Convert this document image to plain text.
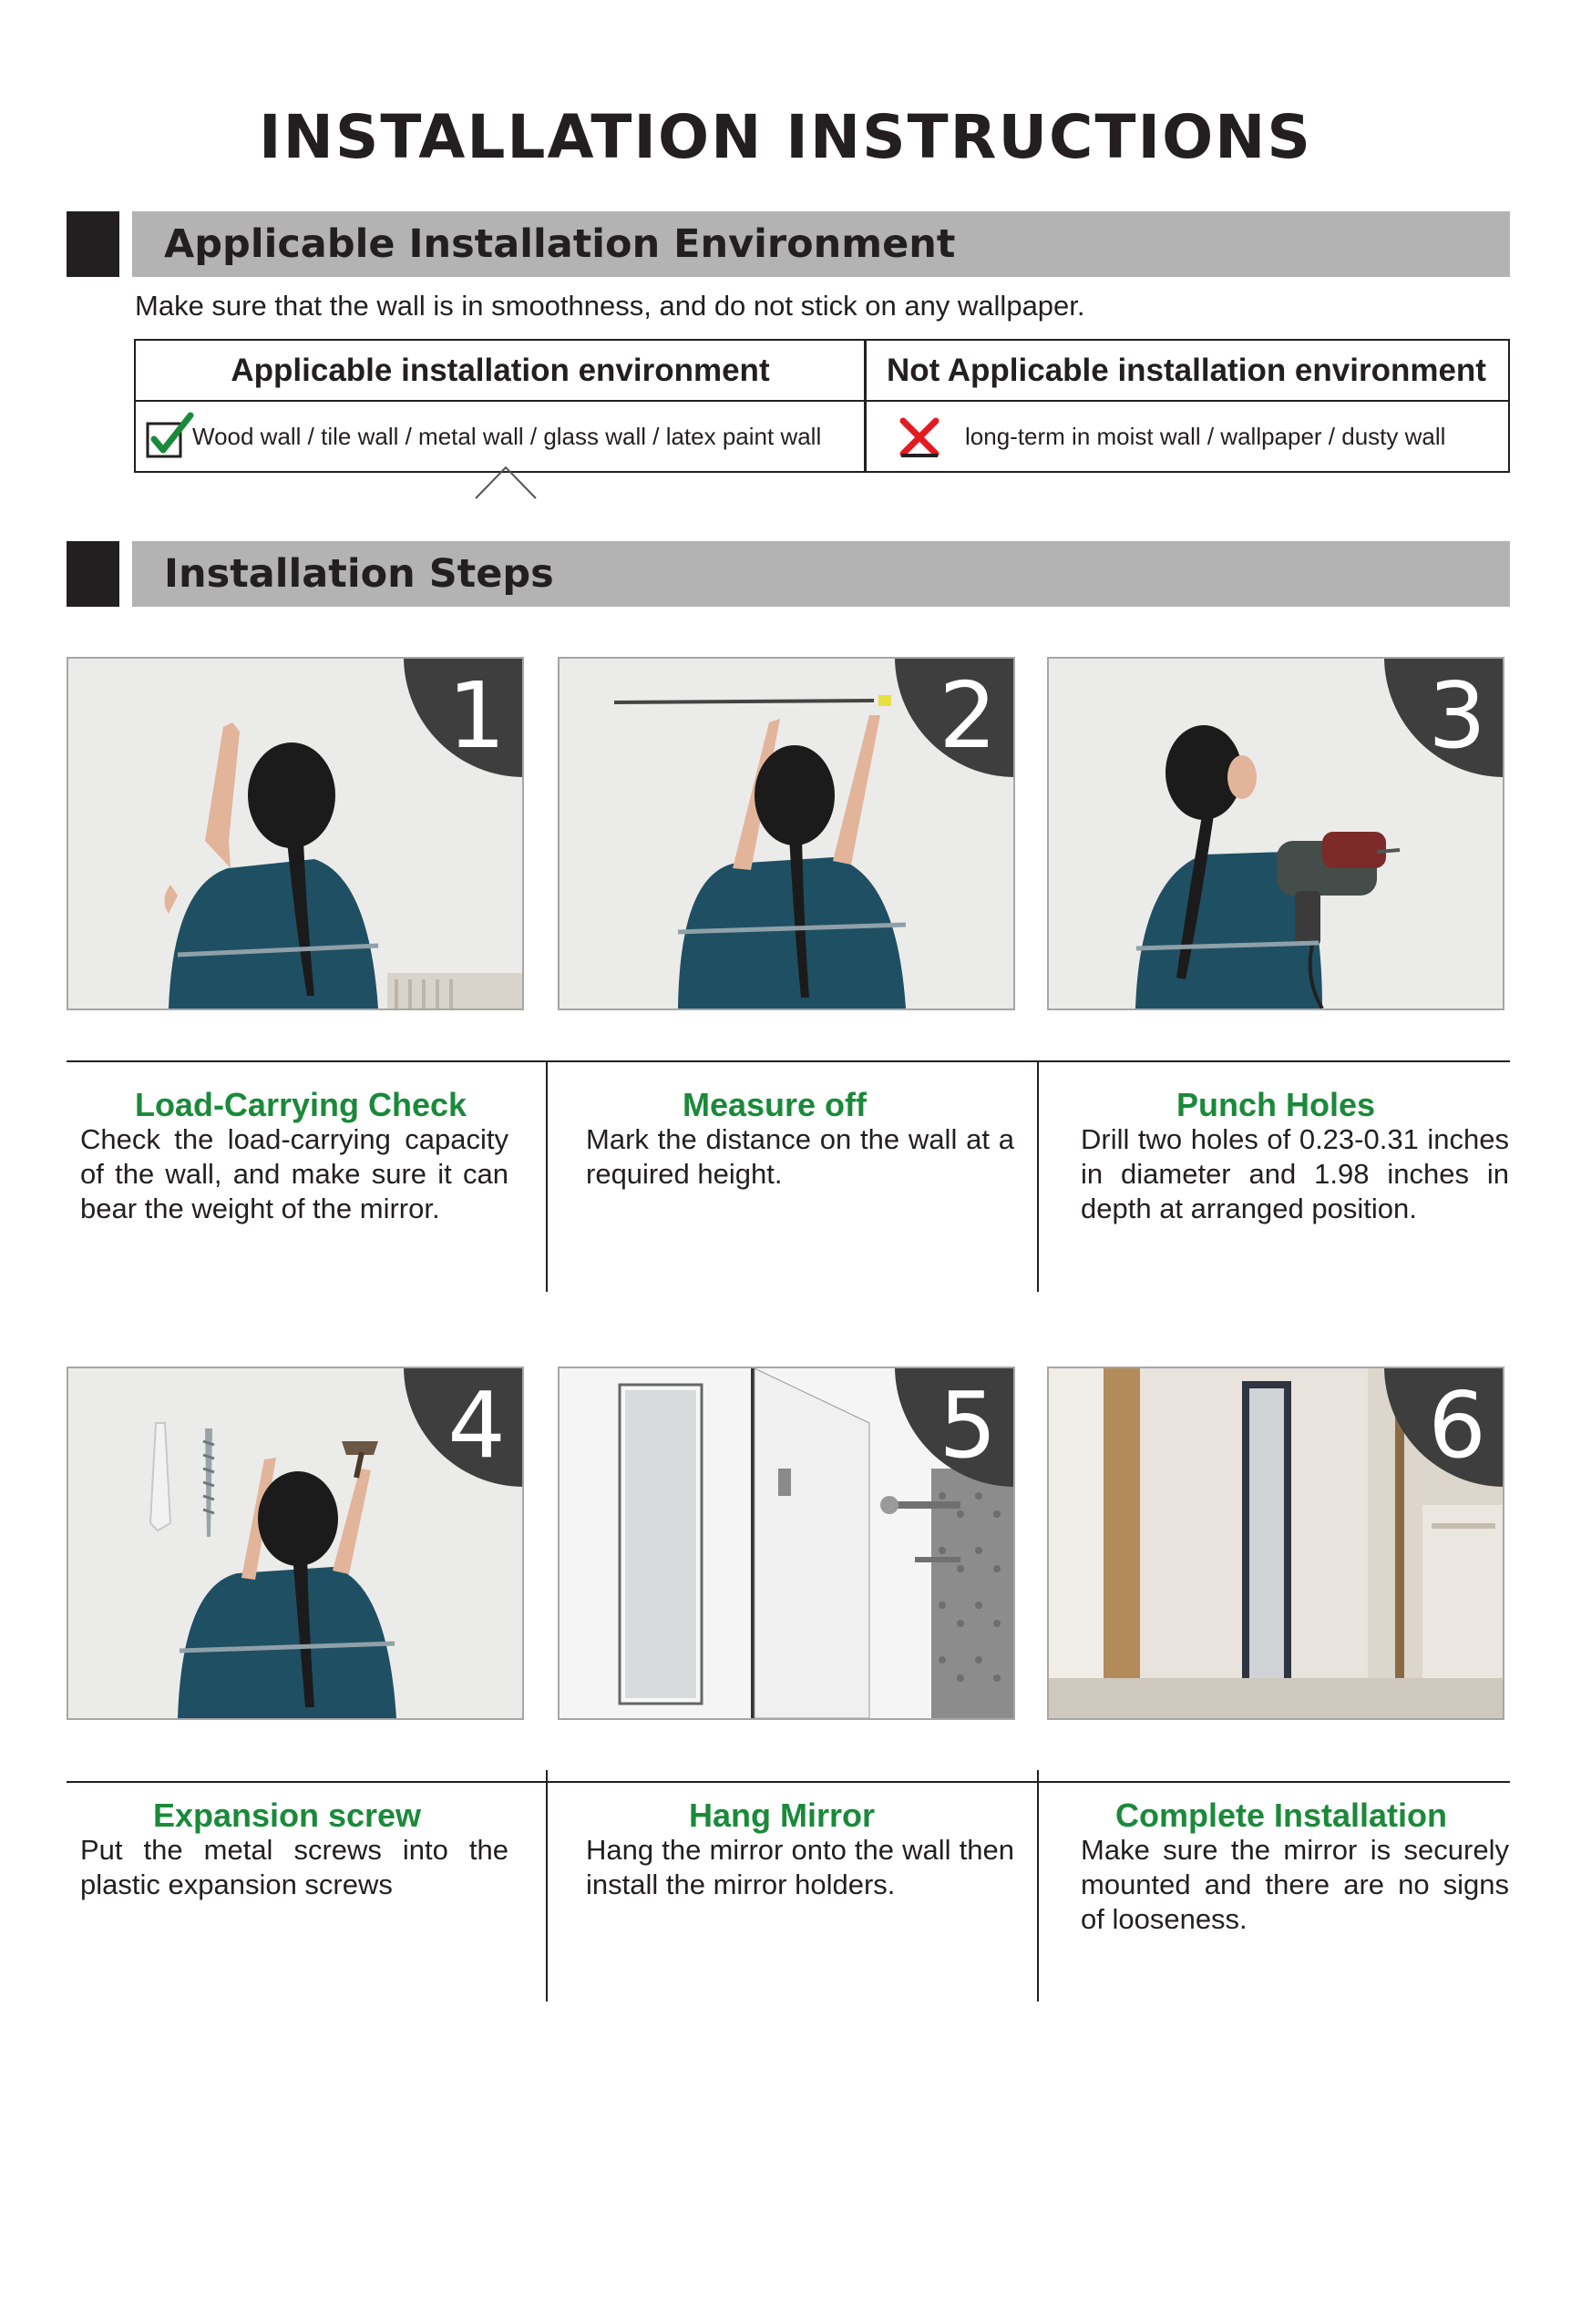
INSTALLATION INSTRUCTIONS
Applicable Installation Environment
Make sure that the wall is in smoothness, and do not stick on any wallpaper.
Applicable installation environment	Not Applicable installation environment
Wood wall / tile wall / metal wall / glass wall / latex paint wall	long-term in moist wall / wallpaper / dusty wall
Installation Steps
1	2	3
Load-Carrying Check
Check the load-carrying capacity of the wall, and make sure it can bear the weight of the mirror.
Measure off
Mark the distance on the wall at a required height.
Punch Holes
Drill two holes of 0.23-0.31 inches in diameter and 1.98 inches in depth at arranged position.
4	5	6
Expansion screw
Put the metal screws into the plastic expansion screws
Hang Mirror
Hang the mirror onto the wall then install the mirror holders.
Complete Installation
Make sure the mirror is securely mounted and there are no signs of looseness.
